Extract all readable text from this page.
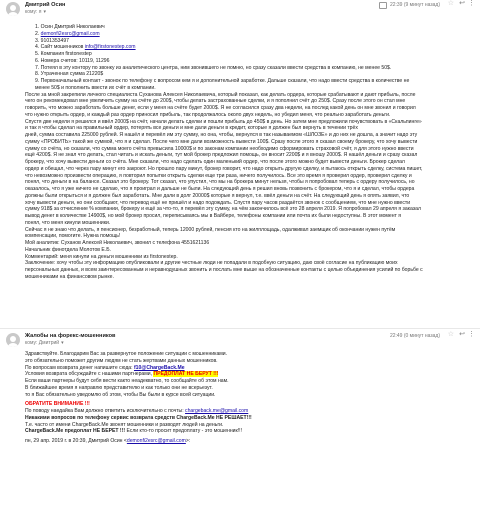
Дмитрий Осин
кому: я ▾
22:39 (9 минут назад) ☆ ↩ ⋮

1. Осин Дмитрий Николаевич

2. demonfi2esrc@gmail.com

3. 9101353497

4. Сайт мошенников info@firstonestep.com

5. Компания firstonestep

6. Номера счетов: 10119, 11296

7. Потеял в эту контору по звонку из аналитического центра, ним звонившего не помню, но сразу сказали ввести средства в компанию, не менее 50$.

8. Утраченная сумма 21220$

9. Первоначальный контакт - звонок по телефону с вопросом кем я и дополнительной заработке. Дальше сказали, что надо ввести средства в количестве не

менее 50$ и пополнить ввести их счёт в компании.

После за мной закрепили личного специалиста Суханова Алексея Николаевича, который показал, как делать ордера, которые срабатывают и дают прибыль, после

чего он рекомендовал мне увеличить сумму на счёте до 200$, чтобы делать застрахованные сделки, и я пополнил счёт до 250$. Сразу после этого он стал мне

говорить, что можно заработать больше денег, если у меня на счёте будет 2000$. Я не согласился сразу два недели, на послед какой день он мне звонил и говорил

что нужно открыть ордер, и каждый раз ордер приносил прибыль, так продолжалось около двух недель, но убедил меня, что реально заработать деньги.

Спустя две недели я решился и ввёл 2000$ на счёт, начали делать сделки и пошли прибыль до 450$ в день. Но затем мне предложили почувствовать в «Скальпинге»

и так я чтобы сделал на правильный ордер, потерять все деньги и мне дали деньги в кредит, которые я должен был вернуть в течении трёх

дней, сумма составила 225000 рублей. Я нашёл и перевёл им эту сумму, но она, чтобы, вернулся в так называемом «ШЛОЗЕ» и до них не дошла, а значит надо эту

сумму «ПРОБИТЬ» такой же суммой, что я и сделал. После чего мне дали возможность вывести 100$. Сразу после этого я сказал своему брокеру, что хочу вывести

сумму со счёта, но сказали, что сумма моего счёта превысила 10000$ и по законам компании необходимо сформировать страховой счёт, я для этого нужно ввести

ещё 4200$. Я не знал что делать, стал читать и искать деньги, тут мой брокер предложил помощь, он вносит 2200$ и я вношу 2000$. Я нашёл деньги и сразу сказал

брокеру, что хочу вывести деньги со счёта. Мне сказали, что надо сделать один маленький ордер, что после этого можно будет вывести деньги. Брокер сделал

ордер и обещал, что через пару минут его закроют. Но прошло пару минут, брокер говорит, что надо открыть другую сделку, и пытаюсь открыть сделку, система пишет,

что невозможно произвести операцию, я повторил попытки открыть сделки еще три раза, ничего получилось. Все это время я проверил ордер, проверил сделку и

понял, что деньги в на балансе. Сказал это брокеру. Тот сказал, что упустил, что мы на брокера минут нельзя, чтобы я попробовал теперь с ордеру получилось, но

оказалось, что я уже ничего не сделаю, что я проиграл и дальше не были. На следующий день я решил вновь позвонить с брокером, что я и сделал, чтобы ордера

должны были открыться и я должен был заработать. Мне дали в долг 20000$ которые я вернул, т.е. ввёл деньги на счёт. На следующий день я опять заявил, что

хочу вывести деньги, но они сообщают, что перевод ещё не пришёл и надо подождать. Спустя пару часов раздаётся звонок с сообщением, что мне нужно ввести

сумму 918$ за отчисление % компании, брокеру и ещё за что-то, я перевёл эту сумму, на чём закончилось всё это 28 апреля 2019. Я попробовал 29 апреля я заказал

вывод денег в количестве 14900$, но мой брокер просил, переписываясь мы в Вайбере, телефоны компании или почта их были недоступны. В этот момент я

понял, что меня кинули мошенники.

Сейчас я не знаю что делать, я пенсионер, безработный, теперь 12000 рублей, пенсия кто на жилплощадь, одалживал заемщик об окончании нужен путём

компенсации, помогите. Нужна помощь!

Мой аналитик: Суханов Алексей Николаевич, звонил с телефона 4551621136

Начальник финотдела Молотов Е.Б.

Комментарий: меня кинули на деньги мошенники из firstonestep.

Заключение: хочу чтобы эту информацию опубликовали и другие честные люди не попадали в подобную ситуацию, даю своё согласие на публикацию моих

персональных данных, и всем заинтересованным и неравнодушных звонить и послать мне выше на обозначенные контакты с целью объединения усилий по борьбе с

мошенниками на финансовом рынке.

Жалобы на форекс-мошенников
кому: Дмитрий ▾
22:49 (0 минут назад) ☆ ↩ ⋮

Здравствуйте. Благодарим Вас за развернутое положение ситуации с мошенниками.

это обязательно поможет другим людям не стать жертвами данных мошенников.

По вопросам возврата денег напишите сюда: f10@ChargeBack.Me

Условия возврата обсуждайте с нашими партнерами, ПРЕДОПЛАТ НЕ БЕРУТ !!!

Если ваши партнеры будут себя вести както неадекватно, то сообщайте об этом нам.

В ближайшее время я направлю представителю и как только они не всерьезут.

то я Вас обязательно уведомлю об этом, чтобы Вы были в курсе всей ситуации.

ОБРАТИТЕ ВНИМАНИЕ !!!

По поводу наедайка Вам должно ответить исключительно с почты: chargeback.me@gmail.com

Никакими вопросов по телефону сервис возврата средств ChargeBack.Me НЕ РЕШАЕТ!!!

Т.е. часто от имени ChargeBack.Me звонят мошенники и разводят людей на деньги.

ChargeBack.Me предоплат НЕ БЕРЕТ !!! Если кто-то просит предоплату - это мошенник!!!

пн, 29 апр. 2019 г. в 20:39, Дмитрий Осин <demonfi2esrc@gmail.com>:
